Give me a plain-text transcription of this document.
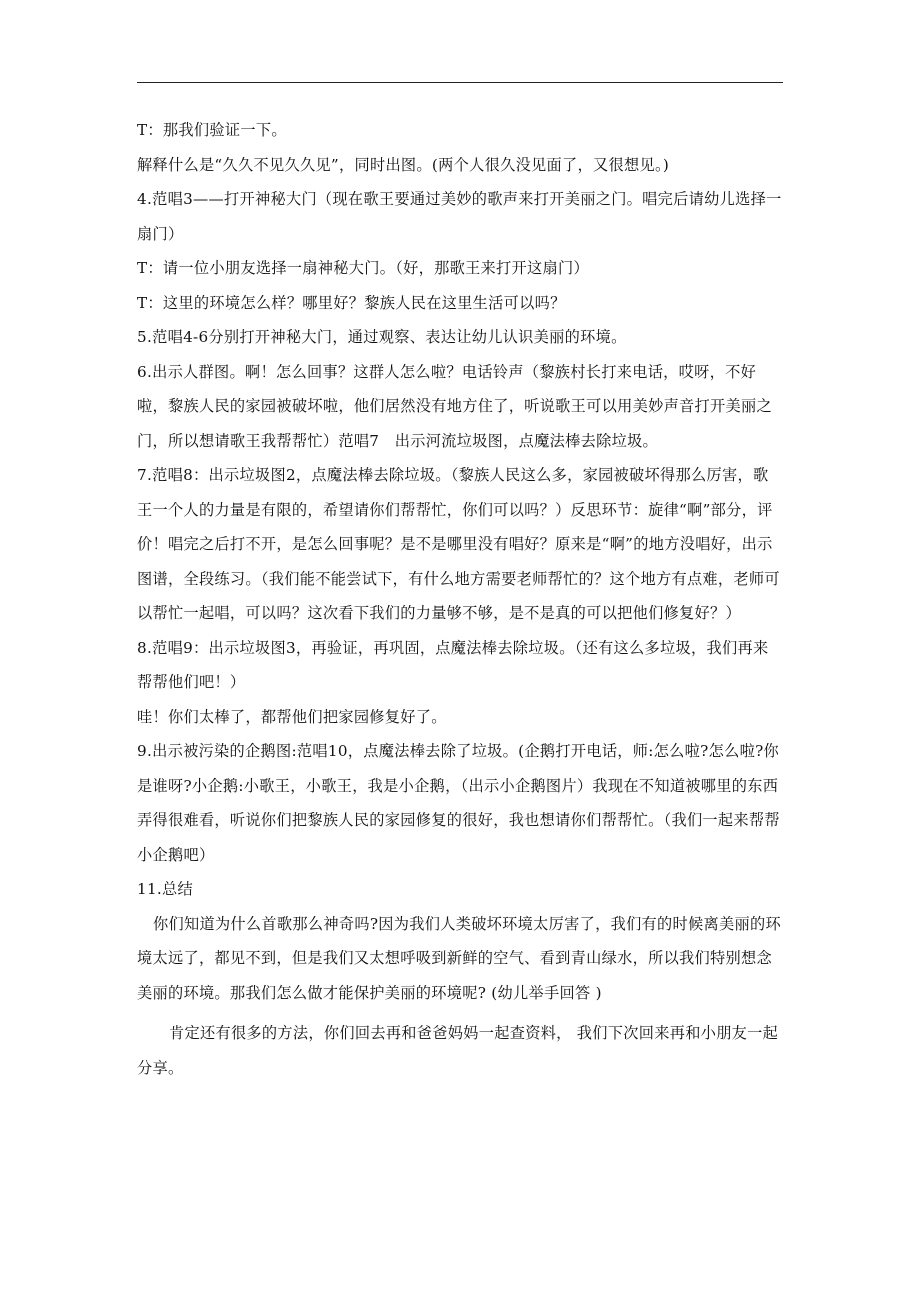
T：那我们验证一下。

解释什么是“久久不见久久见”，同时出图。(两个人很久没见面了，又很想见。)

4.范唱3——打开神秘大门（现在歌王要通过美妙的歌声来打开美丽之门。唱完后请幼儿选择一扇门）

T：请一位小朋友选择一扇神秘大门。（好，那歌王来打开这扇门）

T：这里的环境怎么样？哪里好？黎族人民在这里生活可以吗？

5.范唱4-6分别打开神秘大门，通过观察、表达让幼儿认识美丽的环境。

6.出示人群图。啊！怎么回事？这群人怎么啦？电话铃声（黎族村长打来电话，哎呀，不好啦，黎族人民的家园被破坏啦，他们居然没有地方住了，听说歌王可以用美妙声音打开美丽之门，所以想请歌王我帮帮忙）范唱7　出示河流垃圾图，点魔法棒去除垃圾。

7.范唱8：出示垃圾图2，点魔法棒去除垃圾。（黎族人民这么多，家园被破坏得那么厉害，歌王一个人的力量是有限的，希望请你们帮帮忙，你们可以吗？）反思环节：旋律“啊”部分，评价！唱完之后打不开，是怎么回事呢？是不是哪里没有唱好？原来是“啊”的地方没唱好，出示图谱，全段练习。（我们能不能尝试下，有什么地方需要老师帮忙的？这个地方有点难，老师可以帮忙一起唱，可以吗？这次看下我们的力量够不够，是不是真的可以把他们修复好？）

8.范唱9：出示垃圾图3，再验证，再巩固，点魔法棒去除垃圾。（还有这么多垃圾，我们再来帮帮他们吧！）

哇！你们太棒了，都帮他们把家园修复好了。

9.出示被污染的企鹅图:范唱10，点魔法棒去除了垃圾。(企鹅打开电话，师:怎么啦?怎么啦?你是谁呀?小企鹅:小歌王，小歌王，我是小企鹅，（出示小企鹅图片）我现在不知道被哪里的东西弄得很难看，听说你们把黎族人民的家园修复的很好，我也想请你们帮帮忙。（我们一起来帮帮小企鹅吧）

11.总结

你们知道为什么首歌那么神奇吗?因为我们人类破坏环境太厉害了，我们有的时候离美丽的环境太远了，都见不到，但是我们又太想呼吸到新鲜的空气、看到青山绿水，所以我们特别想念美丽的环境。那我们怎么做才能保护美丽的环境呢? (幼儿举手回答 )

肯定还有很多的方法，你们回去再和爸爸妈妈一起查资料， 我们下次回来再和小朋友一起分享。
